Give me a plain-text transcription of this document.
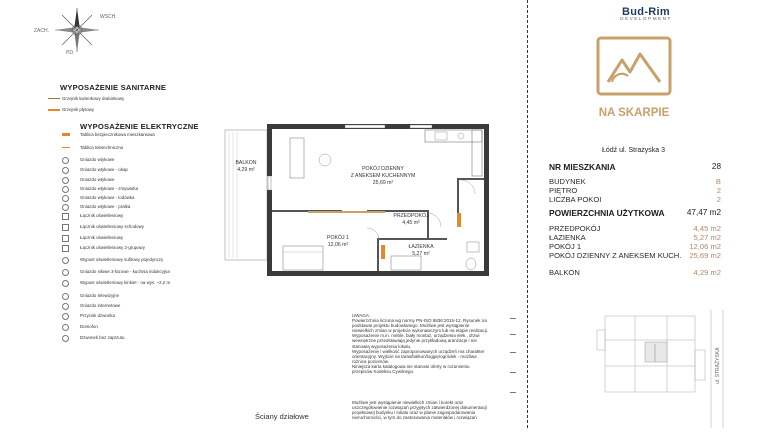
ZACH.
WSCH.
PD.
WYPOSAŻENIE SANITARNE
Grzejnik łazienkowy drabinkowy
Grzejnik płytowy
WYPOSAŻENIE ELEKTRYCZNE
Tablica bezpiecznikowa mieszkaniowa
Tablica teletechniczna
Gniazdo wtykowe
Gniazdo wtykowe - okap
Gniazdo wtykowe
Gniazdo wtykowe - zmywarka
Gniazdo wtykowe - lodówka
Gniazdo wtykowe - pralka
Łącznik oświetleniowy
Łącznik oświetleniowy schodowy
Łącznik oświetleniowy
Łącznik oświetleniowy 2-grupowy
Wypust oświetleniowy sufitowy pojedynczy
Gniazdo siłowe 3-fazowe - kuchnia indukcyjna
Wypust oświetleniowy kinkiet - na wys. ~2,2 m
Gniazdo telewizyjne
Gniazdo internetowe
Przycisk dzwonka
Domofon
Dzwonek bez zaprzutu
BALKON
4,29 m²	POKÓJ DZIENNY
Z ANEKSEM KUCHENNYM
25,69 m²
PRZEDPOKÓJ
4,45 m²
POKÓJ 1
12,06 m²	ŁAZIENKA
5,27 m²
UWAGA:
Powierzchnia liczona wg normy PN-ISO 9836:2015-12. Rysunek na
podstawie projektu budowlanego. Możliwe jest wystąpienie
niewielkich zmian w projekcie wykonawczym lub na etapie realizacji.
Wyposażenie m.in. meble, biały montaż, urządzenia elek., drzwi
wewnętrzne przedstawiają jedynie przykładową aranżacje i nie
stanowią wyposażenia lokalu.
Wyposażenie i wielkość zaproponowanych urządzeń ma charakter
orientacyjny. Wyjście na taras/balkon/loggię/ogródek - możliwa
różnica poziomów.
Niniejsza karta katalogowa nie stanowi oferty w rozumieniu
przepisów Kodeksu Cywilnego.
Możliwe jest wystąpienie niewielkich zmian i korekt oraz
uszczegółowienie rozwiązań przyjętych zatwierdzonej dokumentacji
projektowej budynku i lokalu oraz w planie zagospodarowania
nieruchomości, w tym do zastosowania materiałów i rozwiązań
Ściany działowe
Bud-Rim
DEVELOPMENT
NA SKARPIE
Łódź ul. Strażyska 3
NR MIESZKANIA	28
BUDYNEK	B
PIĘTRO	2
LICZBA POKOI	2
POWIERZCHNIA UŻYTKOWA	47,47 m2
PRZEDPOKÓJ	4,45 m2
ŁAZIENKA	5,27 m2
POKÓJ 1	12,06 m2
POKÓJ DZIENNY Z ANEKSEM KUCH. 25,69 m2
BALKON	4,29 m2
ul. STRAŻYSKA
